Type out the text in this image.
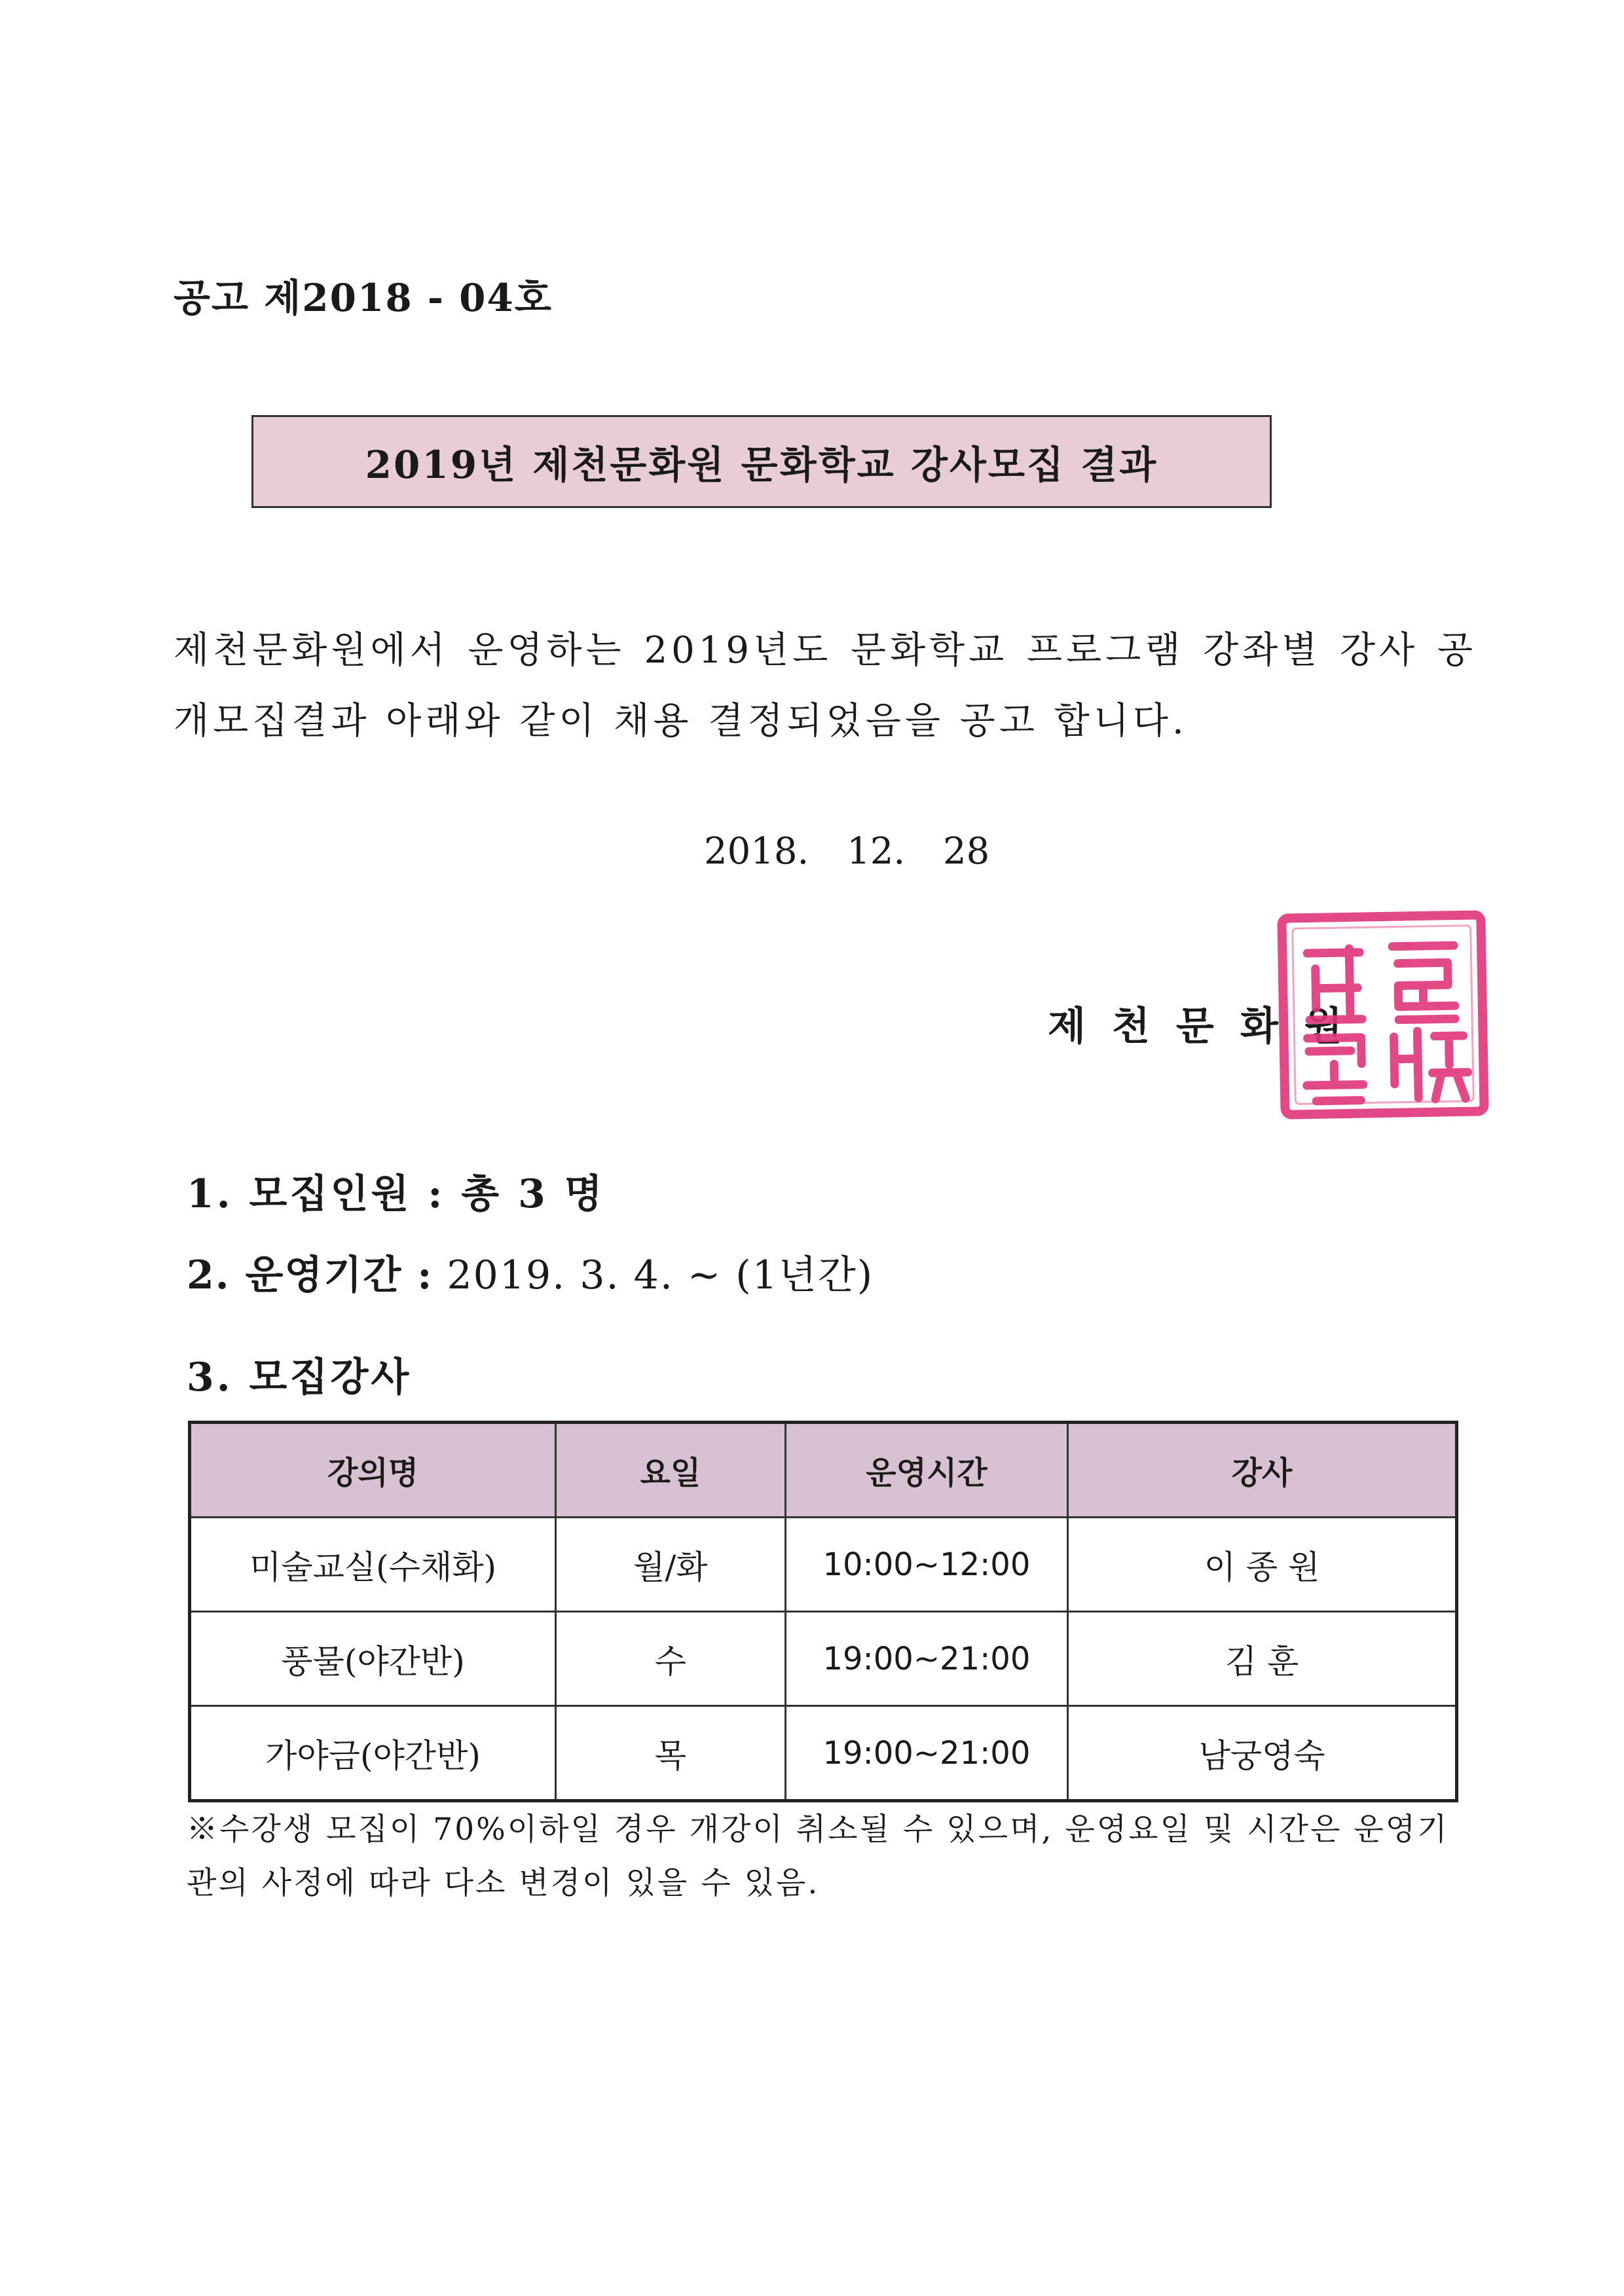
공고 제2018 - 04호
2019년 제천문화원 문화학교 강사모집 결과
제천문화원에서 운영하는 2019년도 문화학교 프로그램 강좌별 강사 공개모집결과 아래와 같이 채용 결정되었음을 공고 합니다.
2018. 12. 28
제천문화원
1. 모집인원 : 총 3 명
2. 운영기간 : 2019. 3. 4. ~ (1년간)
3. 모집강사
강의명	요일	운영시간	강사
미술교실(수채화)	월/화	10:00~12:00	이 종 원
풍물(야간반)	수	19:00~21:00	김 훈
가야금(야간반)	목	19:00~21:00	남궁영숙
※수강생 모집이 70%이하일 경우 개강이 취소될 수 있으며, 운영요일 및 시간은 운영기관의 사정에 따라 다소 변경이 있을 수 있음.
